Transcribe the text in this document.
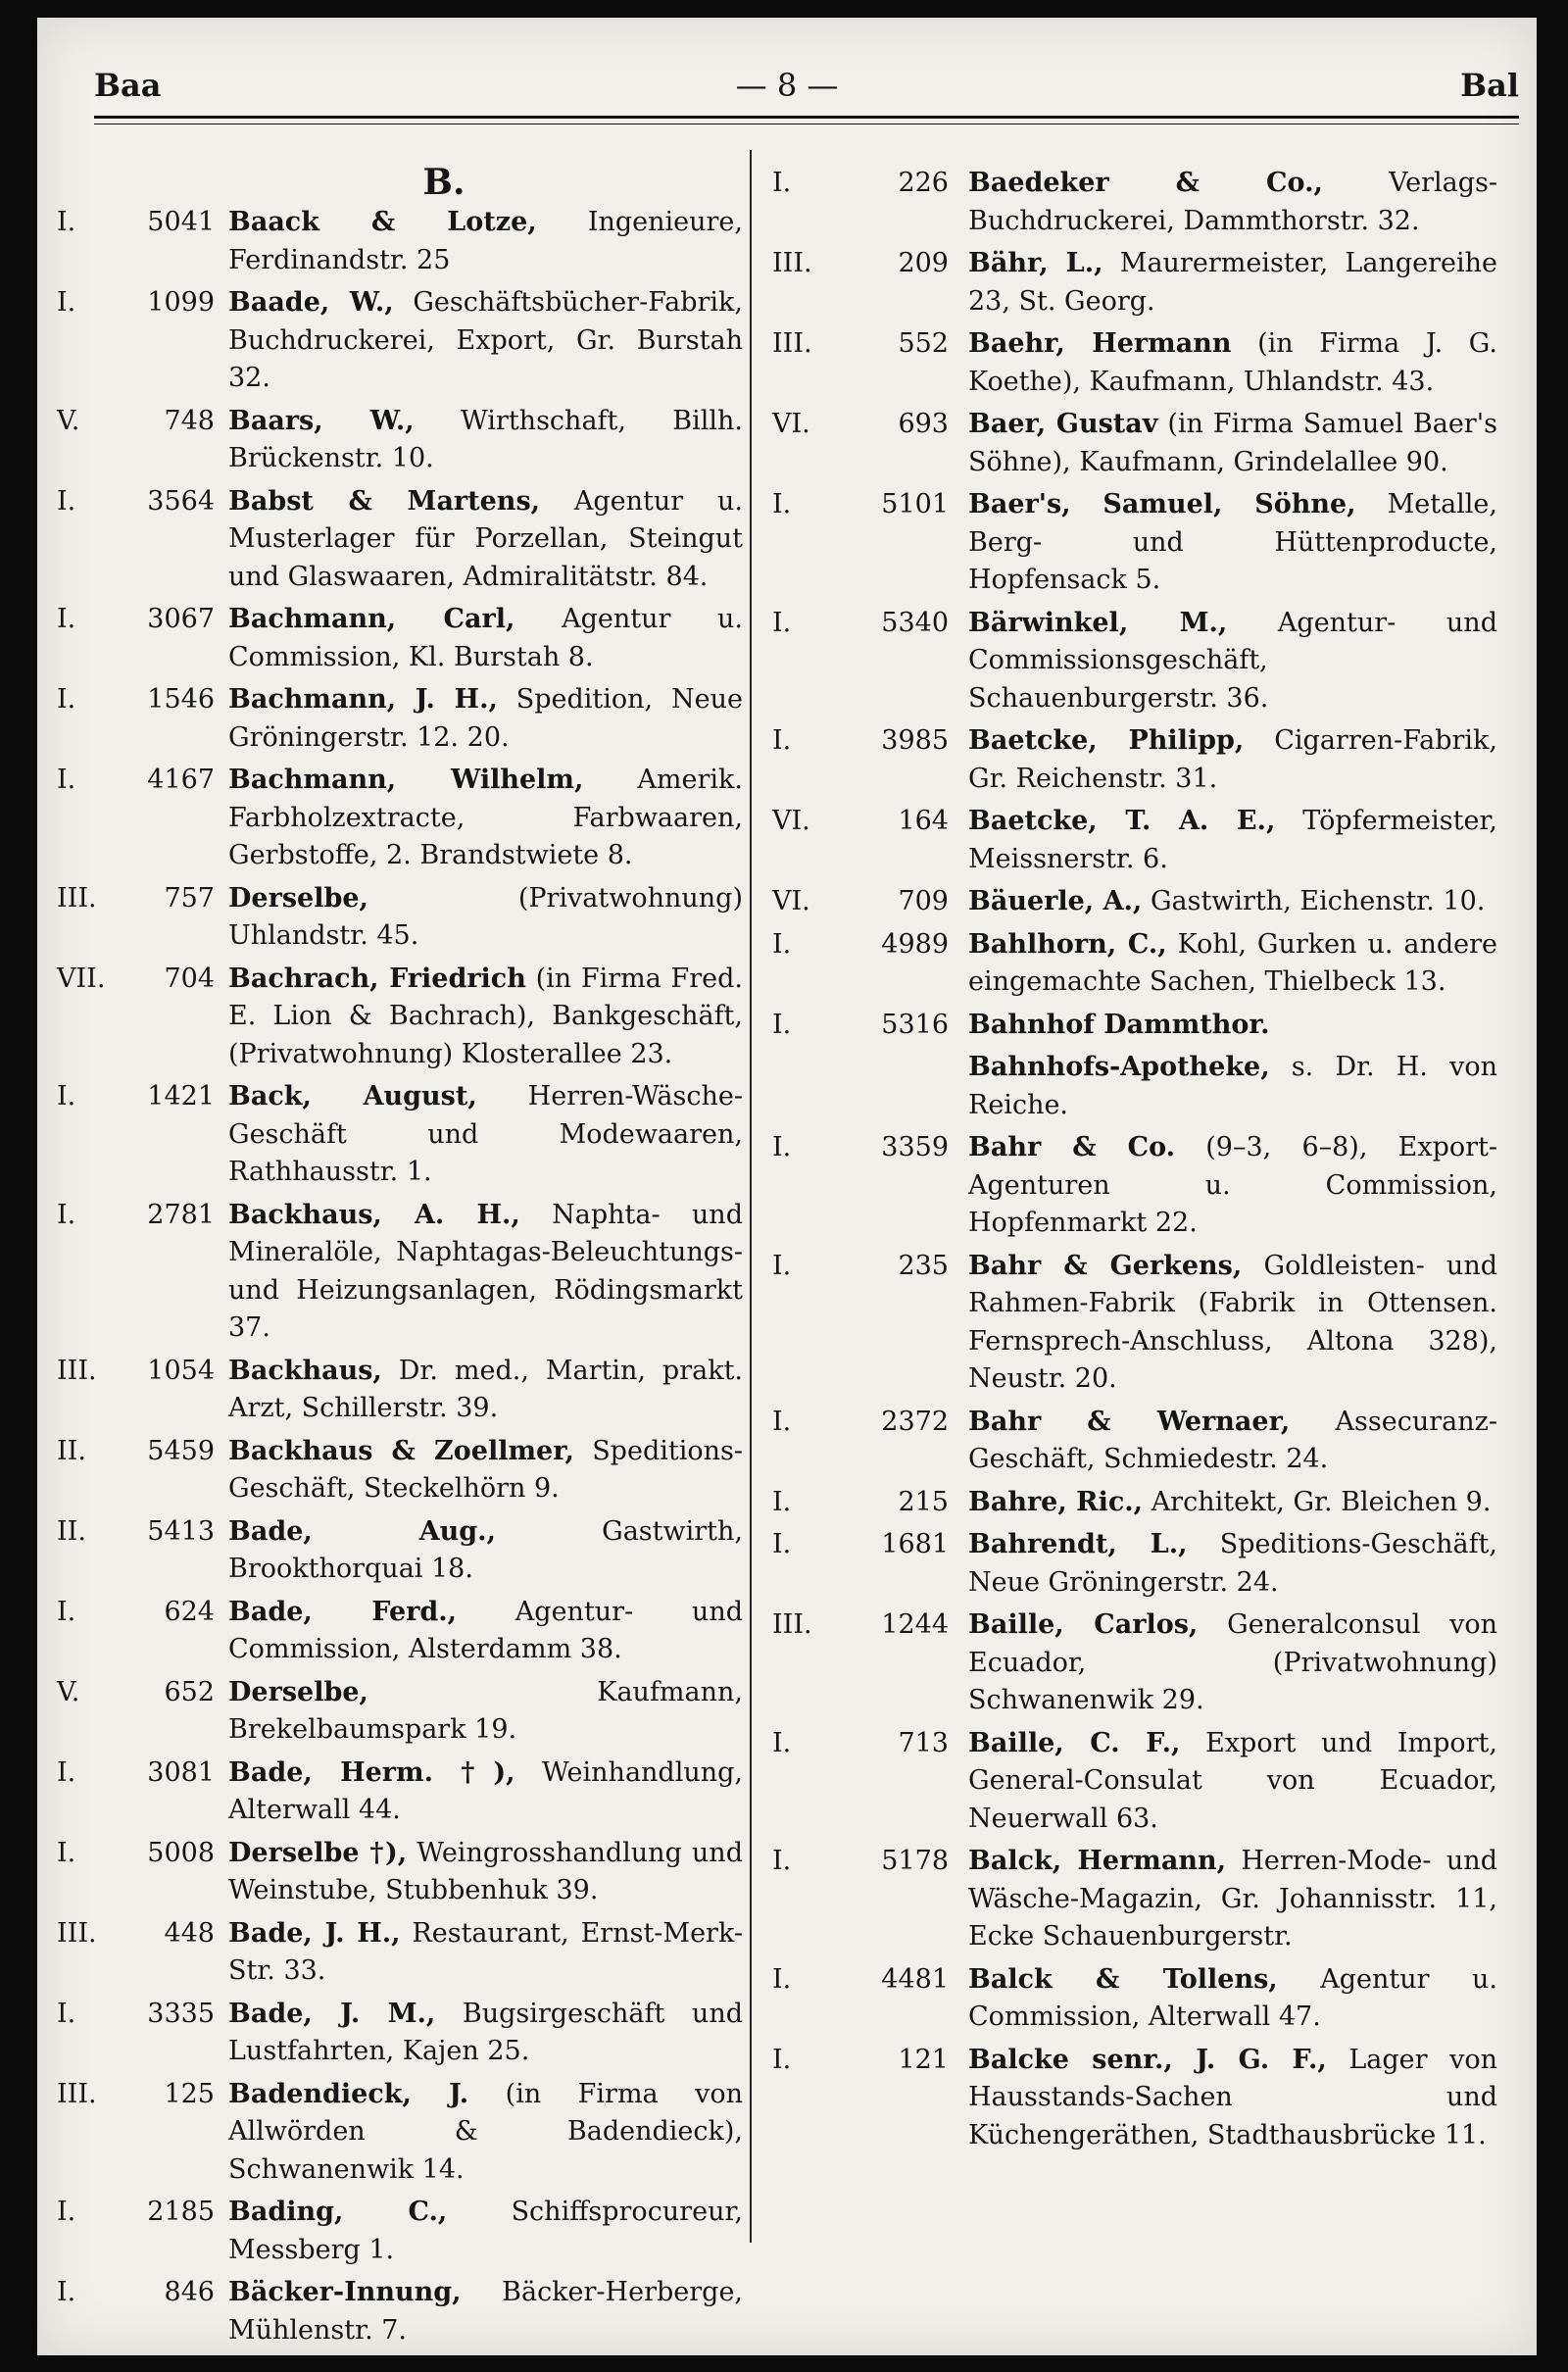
Baa	— 8 —	Bal
B.
I.	5041 Baack & Lotze, Ingenieure, Ferdinandstr. 25
I.	1099 Baade, W., Geschäftsbücher-Fabrik, Buchdruckerei, Export, Gr. Burstah 32.
V.	748 Baars, W., Wirthschaft, Billh. Brückenstr. 10.
I.	3564 Babst & Martens, Agentur u. Musterlager für Porzellan, Steingut und Glaswaaren, Admiralitätstr. 84.
I.	3067 Bachmann, Carl, Agentur u. Commission, Kl. Burstah 8.
I.	1546 Bachmann, J. H., Spedition, Neue Gröningerstr. 12. 20.
I.	4167 Bachmann, Wilhelm, Amerik. Farbholzextracte, Farbwaaren, Gerbstoffe, 2. Brandstwiete 8.
III.	757 Derselbe,	(Privatwohnung) Uhlandstr. 45.
VII. 704 Bachrach, Friedrich (in Firma Fred. E. Lion & Bachrach), Bankgeschäft, (Privatwohnung) Klosterallee 23.
I.	1421 Back, August, Herren-Wäsche-Geschäft und Modewaaren, Rathhausstr. 1.
I.	2781 Backhaus, A. H., Naphta- und Mineralöle, Naphtagas-Beleuchtungs- und Heizungsanlagen, Rödingsmarkt 37.
III. 1054 Backhaus, Dr. med., Martin, prakt. Arzt, Schillerstr. 39.
II. 5459 Backhaus & Zoellmer, Speditions-Geschäft, Steckelhörn 9.
II. 5413 Bade, Aug.,	Gastwirth, Brookthorquai 18.
I.	624 Bade, Ferd., Agentur- und Commission, Alsterdamm 38.
V.	652 Derselbe,	Kaufmann, Brekelbaumspark 19.
I.	3081 Bade, Herm. †), Weinhandlung, Alterwall 44.
I.	5008 Derselbe †), Weingrosshandlung und Weinstube, Stubbenhuk 39.
III.	448 Bade, J. H., Restaurant, Ernst-Merk-Str. 33.
I.	3335 Bade, J. M., Bugsirgeschäft und Lustfahrten, Kajen 25.
III.	125 Badendieck, J. (in Firma von Allwörden & Badendieck), Schwanenwik 14.
I.	2185 Bading, C., Schiffsprocureur, Messberg 1.
I.	846 Bäcker-Innung, Bäcker-Herberge, Mühlenstr. 7.
I.	226 Baedeker & Co., Verlags-Buchdruckerei, Dammthorstr. 32.
III.	209 Bähr, L., Maurermeister, Langereihe 23, St. Georg.
III.	552 Baehr, Hermann (in Firma J. G. Koethe), Kaufmann, Uhlandstr. 43.
VI.	693 Baer, Gustav (in Firma Samuel Baer's Söhne), Kaufmann, Grindelallee 90.
I.	5101 Baer's, Samuel, Söhne, Metalle, Berg- und Hüttenproducte, Hopfensack 5.
I.	5340 Bärwinkel, M., Agentur- und Commissionsgeschäft, Schauenburgerstr. 36.
I.	3985 Baetcke, Philipp, Cigarren-Fabrik, Gr. Reichenstr. 31.
VI.	164 Baetcke, T. A. E., Töpfermeister, Meissnerstr. 6.
VI.	709 Bäuerle, A., Gastwirth, Eichenstr. 10.
I.	4989 Bahlhorn, C., Kohl, Gurken u. andere eingemachte Sachen, Thielbeck 13.
I.	5316 Bahnhof Dammthor.
Bahnhofs-Apotheke, s. Dr. H. von Reiche.
I.	3359 Bahr & Co. (9–3, 6–8), Export-Agenturen u. Commission, Hopfenmarkt 22.
I.	235 Bahr & Gerkens, Goldleisten- und Rahmen-Fabrik (Fabrik in Ottensen. Fernsprech-Anschluss, Altona 328), Neustr. 20.
I.	2372 Bahr & Wernaer, Assecuranz-Geschäft, Schmiedestr. 24.
I.	215 Bahre, Ric., Architekt, Gr. Bleichen 9.
I.	1681 Bahrendt, L., Speditions-Geschäft, Neue Gröningerstr. 24.
III.	1244 Baille, Carlos, Generalconsul von Ecuador, (Privatwohnung) Schwanenwik 29.
I.	713 Baille, C. F., Export und Import, General-Consulat von Ecuador, Neuerwall 63.
I.	5178 Balck, Hermann, Herren-Mode- und Wäsche-Magazin, Gr. Johannisstr. 11, Ecke Schauenburgerstr.
I.	4481 Balck & Tollens, Agentur u. Commission, Alterwall 47.
I.	121 Balcke senr., J. G. F., Lager von Hausstands-Sachen und Küchengeräthen, Stadthausbrücke 11.
